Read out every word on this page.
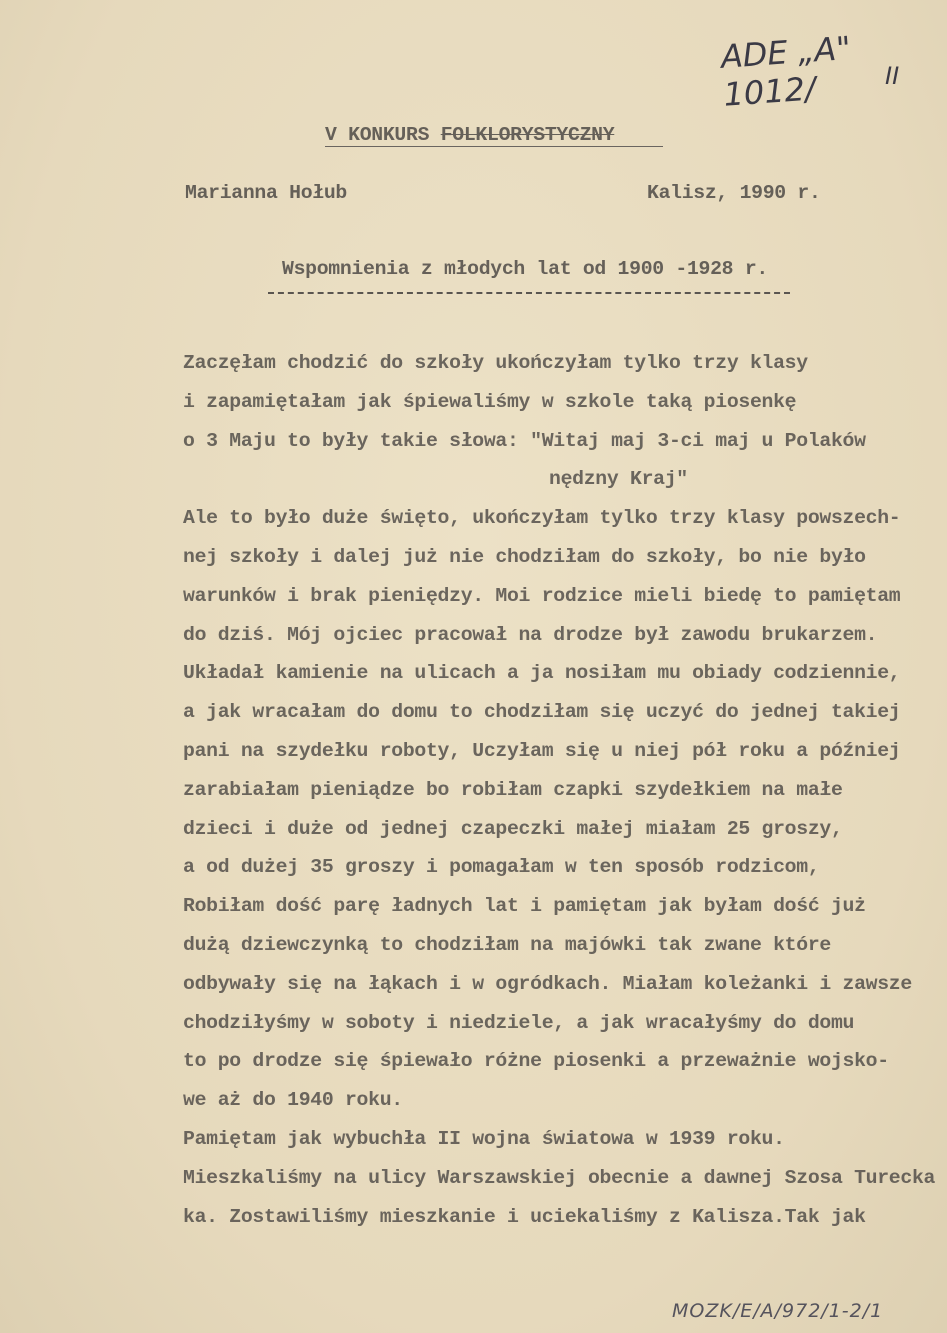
ADE „A" 1012/	II
V KONKURS FOLKLORYSTYCZNY
Marianna Hołub	Kalisz, 1990 r.
Wspomnienia z młodych lat od 1900 -1928 r.
Zaczęłam chodzić do szkoły ukończyłam tylko trzy klasy
i zapamiętałam jak śpiewaliśmy w szkole taką piosenkę
o 3 Maju to były takie słowa: "Witaj maj 3-ci maj u Polaków
nędzny Kraj"
Ale to było duże święto, ukończyłam tylko trzy klasy powszech-
nej szkoły i dalej już nie chodziłam do szkoły, bo nie było
warunków i brak pieniędzy. Moi rodzice mieli biedę to pamiętam
do dziś. Mój ojciec pracował na drodze był zawodu brukarzem.
Układał kamienie na ulicach a ja nosiłam mu obiady codziennie,
a jak wracałam do domu to chodziłam się uczyć do jednej takiej
pani na szydełku roboty, Uczyłam się u niej pół roku a później
zarabiałam pieniądze bo robiłam czapki szydełkiem na małe
dzieci i duże od jednej czapeczki małej miałam 25 groszy,
a od dużej 35 groszy i pomagałam w ten sposób rodzicom,
Robiłam dość parę ładnych lat i pamiętam jak byłam dość już
dużą dziewczynką to chodziłam na majówki tak zwane które
odbywały się na łąkach i w ogródkach. Miałam koleżanki i zawsze
chodziłyśmy w soboty i niedziele, a jak wracałyśmy do domu
to po drodze się śpiewało różne piosenki a przeważnie wojsko-
we aż do 1940 roku.
Pamiętam jak wybuchła II wojna światowa w 1939 roku.
Mieszkaliśmy na ulicy Warszawskiej obecnie a dawnej Szosa Turecka
ka. Zostawiliśmy mieszkanie i uciekaliśmy z Kalisza.Tak jak
MOZK/E/A/972/1-2/1
